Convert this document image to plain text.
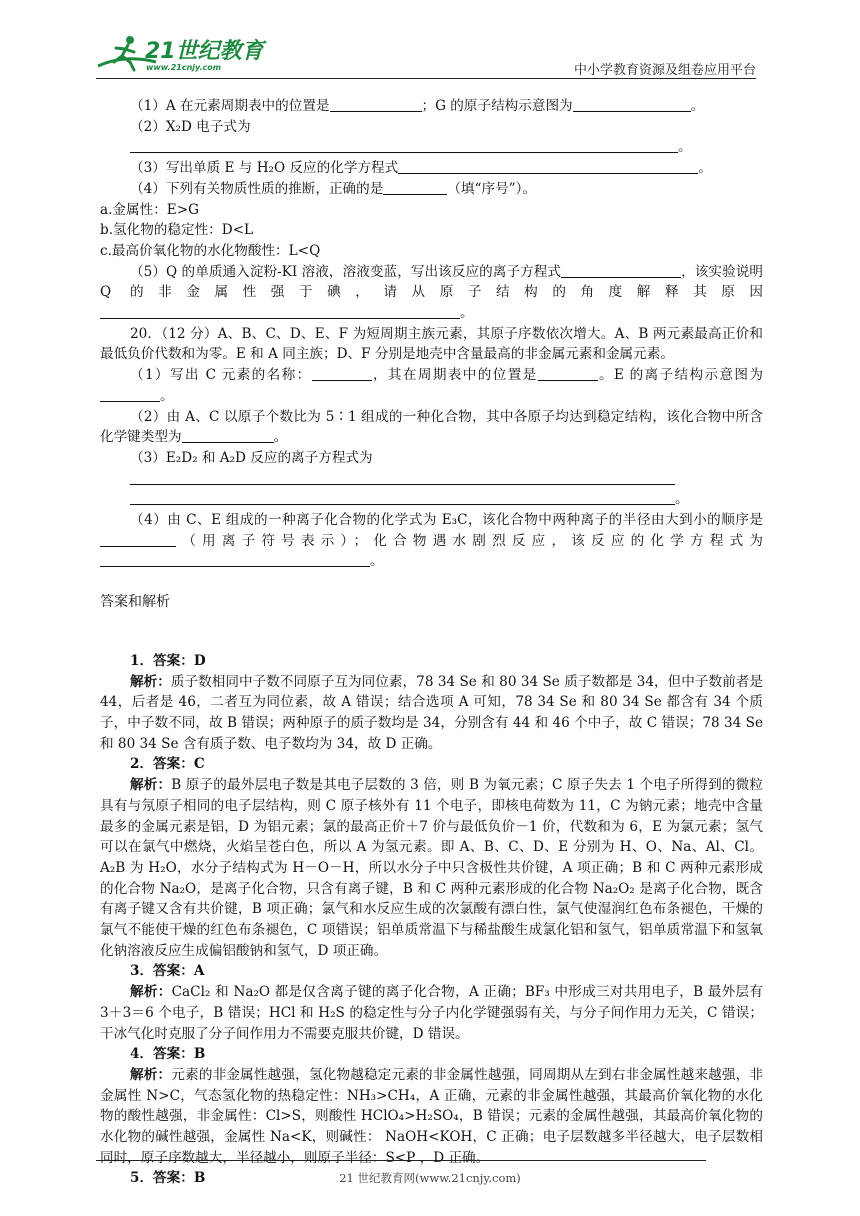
21世纪教育
www.21cnjy.com	中小学教育资源及组卷应用平台

（1）A 在元素周期表中的位置是	；G 的原子结构示意图为	。

（2）X₂D 电子式为

。

（3）写出单质 E 与 H₂O 反应的化学方程式	。

（4）下列有关物质性质的推断，正确的是	（填“序号”）。

a.金属性：E>G

b.氢化物的稳定性：D<L

c.最高价氧化物的水化物酸性：L<Q

（5）Q 的单质通入淀粉-KI 溶液，溶液变蓝，写出该反应的离子方程式	，该实验说明 Q 的非金属性强于碘，请从原子结构的角度解释其原因。

20．（12 分）A、B、C、D、E、F 为短周期主族元素，其原子序数依次增大。A、B 两元素最高正价和最低负价代数和为零。E 和 A 同主族；D、F 分别是地壳中含量最高的非金属元素和金属元素。

（1）写出 C 元素的名称：	，其在周期表中的位置是	。E 的离子结构示意图为。

（2）由 A、C 以原子个数比为 5∶1 组成的一种化合物，其中各原子均达到稳定结构，该化合物中所含化学键类型为	。

（3）E₂D₂ 和 A₂D 反应的离子方程式为

。

（4）由 C、E 组成的一种离子化合物的化学式为 E₃C，该化合物中两种离子的半径由大到小的顺序是（用离子符号表示）；化合物遇水剧烈反应，该反应的化学方程式为。

答案和解析

1．答案：D

解析：质子数相同中子数不同原子互为同位素，78 34 Se 和 80 34 Se 质子数都是 34，但中子数前者是 44，后者是 46，二者互为同位素，故 A 错误；结合选项 A 可知，78 34 Se 和 80 34 Se 都含有 34 个质子，中子数不同，故 B 错误；两种原子的质子数均是 34，分别含有 44 和 46 个中子，故 C 错误；78 34 Se 和 80 34 Se 含有质子数、电子数均为 34，故 D 正确。

2．答案：C

解析：B 原子的最外层电子数是其电子层数的 3 倍，则 B 为氧元素；C 原子失去 1 个电子所得到的微粒具有与氖原子相同的电子层结构，则 C 原子核外有 11 个电子，即核电荷数为 11，C 为钠元素；地壳中含量最多的金属元素是铝，D 为铝元素；氯的最高正价＋7 价与最低负价－1 价，代数和为 6，E 为氯元素；氢气可以在氯气中燃烧，火焰呈苍白色，所以 A 为氢元素。即 A、B、C、D、E 分别为 H、O、Na、Al、Cl。A₂B 为 H₂O，水分子结构式为 H－O－H，所以水分子中只含极性共价键，A 项正确；B 和 C 两种元素形成的化合物 Na₂O，是离子化合物，只含有离子键，B 和 C 两种元素形成的化合物 Na₂O₂ 是离子化合物，既含有离子键又含有共价键，B 项正确；氯气和水反应生成的次氯酸有漂白性，氯气使湿润红色布条褪色，干燥的氯气不能使干燥的红色布条褪色，C 项错误；铝单质常温下与稀盐酸生成氯化铝和氢气，铝单质常温下和氢氧化钠溶液反应生成偏铝酸钠和氢气，D 项正确。

3．答案：A

解析：CaCl₂ 和 Na₂O 都是仅含离子键的离子化合物，A 正确；BF₃ 中形成三对共用电子，B 最外层有 3＋3＝6 个电子，B 错误；HCl 和 H₂S 的稳定性与分子内化学键强弱有关，与分子间作用力无关，C 错误；干冰气化时克服了分子间作用力不需要克服共价键，D 错误。

4．答案：B

解析：元素的非金属性越强，氢化物越稳定元素的非金属性越强，同周期从左到右非金属性越来越强，非金属性 N>C，气态氢化物的热稳定性：NH₃>CH₄，A 正确，元素的非金属性越强，其最高价氧化物的水化物的酸性越强，非金属性：Cl>S，则酸性 HClO₄>H₂SO₄，B 错误；元素的金属性越强，其最高价氧化物的水化物的碱性越强，金属性 Na<K，则碱性： NaOH<KOH，C 正确；电子层数越多半径越大，电子层数相同时，原子序数越大，半径越小，则原子半径：S<P ，D 正确。

5．答案：B	21 世纪教育网(www.21cnjy.com)
